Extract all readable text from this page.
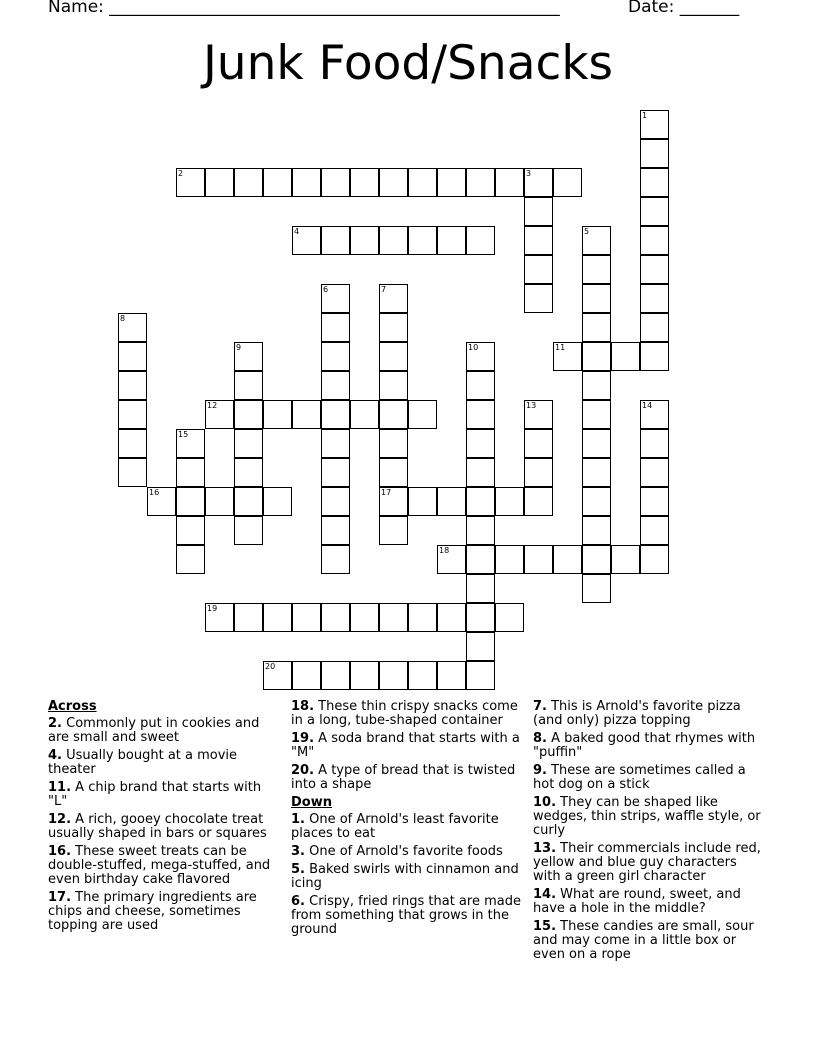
Name: _____________________________________________________	Date: _______
Junk Food/Snacks
2	3
4
11
12
16	17
18
19
20
1
5
6	7
8
9	10
13	14
15
Across
2. Commonly put in cookies and are small and sweet
4. Usually bought at a movie theater
11. A chip brand that starts with "L"
12. A rich, gooey chocolate treat usually shaped in bars or squares
16. These sweet treats can be double-stuffed, mega-stuffed, and even birthday cake flavored
17. The primary ingredients are chips and cheese, sometimes topping are used
18. These thin crispy snacks come in a long, tube-shaped container
19. A soda brand that starts with a "M"
20. A type of bread that is twisted into a shape
Down
1. One of Arnold's least favorite places to eat
3. One of Arnold's favorite foods
5. Baked swirls with cinnamon and icing
6. Crispy, fried rings that are made from something that grows in the ground
7. This is Arnold's favorite pizza (and only) pizza topping
8. A baked good that rhymes with "puffin"
9. These are sometimes called a hot dog on a stick
10. They can be shaped like wedges, thin strips, waffle style, or curly
13. Their commercials include red, yellow and blue guy characters with a green girl character
14. What are round, sweet, and have a hole in the middle?
15. These candies are small, sour and may come in a little box or even on a rope
